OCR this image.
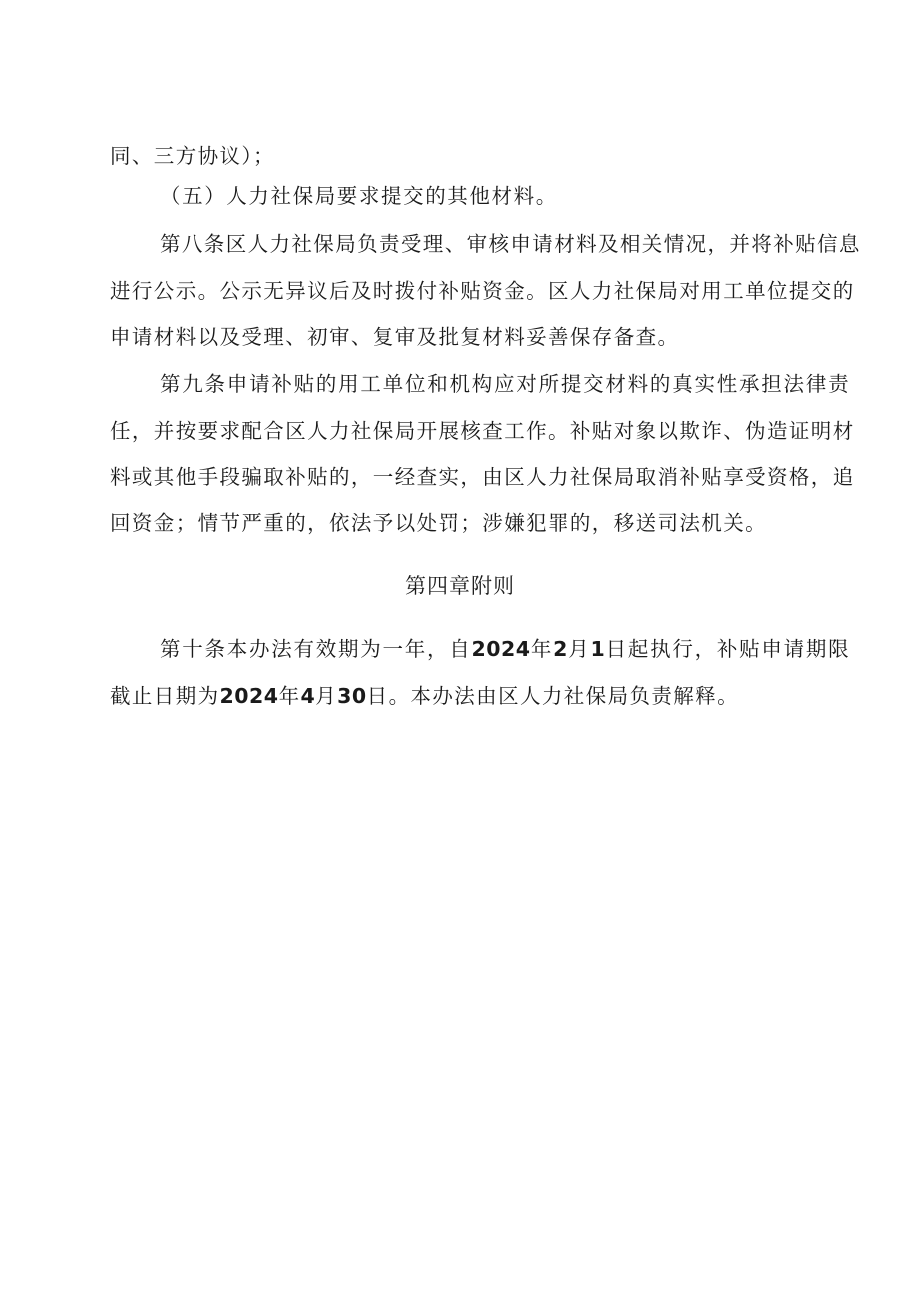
同、三方协议）；
（五）人力社保局要求提交的其他材料。
第八条区人力社保局负责受理、审核申请材料及相关情况，并将补贴信息
进行公示。公示无异议后及时拨付补贴资金。区人力社保局对用工单位提交的
申请材料以及受理、初审、复审及批复材料妥善保存备查。
第九条申请补贴的用工单位和机构应对所提交材料的真实性承担法律责
任，并按要求配合区人力社保局开展核查工作。补贴对象以欺诈、伪造证明材
料或其他手段骗取补贴的，一经查实，由区人力社保局取消补贴享受资格，追
回资金；情节严重的，依法予以处罚；涉嫌犯罪的，移送司法机关。
第四章附则
第十条本办法有效期为一年，自2024年2月1日起执行，补贴申请期限
截止日期为2024年4月30日。本办法由区人力社保局负责解释。
